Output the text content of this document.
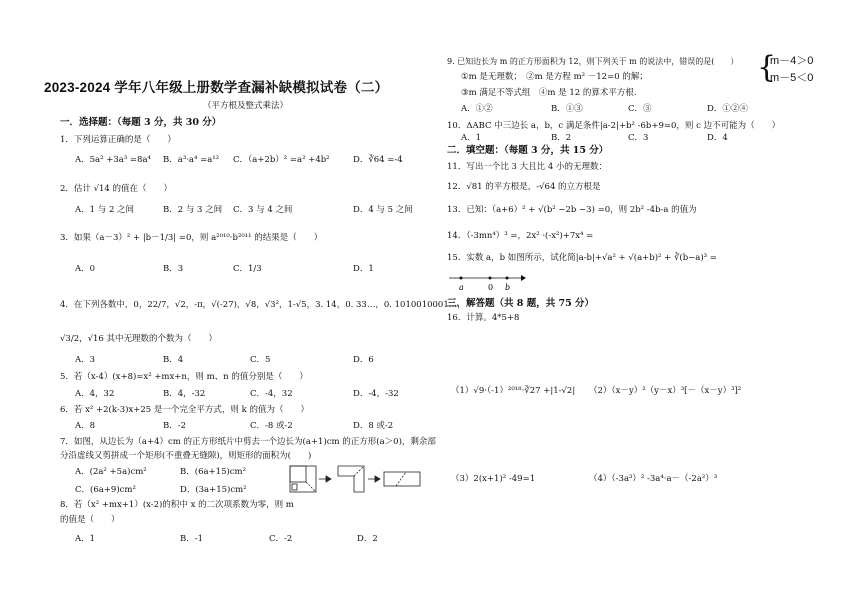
2023-2024 学年八年级上册数学查漏补缺模拟试卷（二）
（平方根及整式乘法）
一．选择题：（每题 3 分，共 30 分）
1．下列运算正确的是（　　）
A．5a² +3a³ =8a⁴ B．a³·a⁴ =a¹² C．（a+2b）² =a² +4b²	D．∛64 =-4
2．估计 √14 的值在（　　）
A．1 与 2 之间	B．2 与 3 之间 C．3 与 4 之间	D．4 与 5 之间
3．如果（a－3）² + |b－1/3| =0，则 a²⁰¹⁰·b²⁰¹¹ 的结果是（　　）
A．0	B．3	C．1/3	D．1
4．在下列各数中，0，22/7，√2，-π，√(-27)，√8，√3²，1-√5，3. 14，0. 33…，0. 1010010001…，
√3/2，√16 其中无理数的个数为（　　）
A．3	B．4	C．5	D．6
5．若（x-4）(x+8)=x² +mx+n，则 m、n 的值分别是（　　）
A．4，32	B．4，-32	C．-4，32	D．-4，-32
6．若 x² +2(k-3)x+25 是一个完全平方式，则 k 的值为（　　）
A．8	B．-2	C．-8 或-2	D．8 或-2
7．如图，从边长为（a+4）cm 的正方形纸片中剪去一个边长为(a+1)cm 的正方形(a＞0)，剩余部
分沿虚线又剪拼成一个矩形(不重叠无缝隙)，则矩形的面积为(　　)
A．(2a² +5a)cm²	B．(6a+15)cm²
C．(6a+9)cm²	D．(3a+15)cm²
8．若（x² +mx+1）(x-2)的积中 x 的二次项系数为零，则 m
的值是（　　）
A．1	B．-1	C．-2	D．2
9. 已知边长为 m 的正方形面积为 12，则下列关于 m 的说法中，错误的是(　　）
①m 是无理数；　②m 是方程 m² －12=0 的解；
③m 满足不等式组　④m 是 12 的算术平方根.
{
m－4＞0
m－5＜0
A．①②	B．①③	C．③	D．①②④
10．ΔABC 中三边长 a，b，c 满足条件|a-2|+b² -6b+9=0，则 c 边不可能为（　　）
A．1	B．2	C．3	D．4
二．填空题：（每题 3 分，共 15 分）
11．写出一个比 3 大且比 4 小的无理数：
12．√81 的平方根是，-√64 的立方根是
13．已知：（a+6）² + √(b² −2b −3) =0，则 2b² -4b-a 的值为
14．（-3mn⁴）³ =，2x² ·(-x²)+7x⁴ =
15．实数 a，b 如图所示，试化简|a-b|+√a² + √(a+b)² + ∛(b−a)³ =
a	0 b
三．解答题（共 8 题，共 75 分）
16．计算。4*5+8
（1）√9·（-1）²⁰¹⁸·∛27 +|1-√2| （2）（x－y）²（y－x）³[－（x－y）³]²
（3）2(x+1)² -49=1	（4）（-3a³）² -3a⁴·a－（-2a²）³
